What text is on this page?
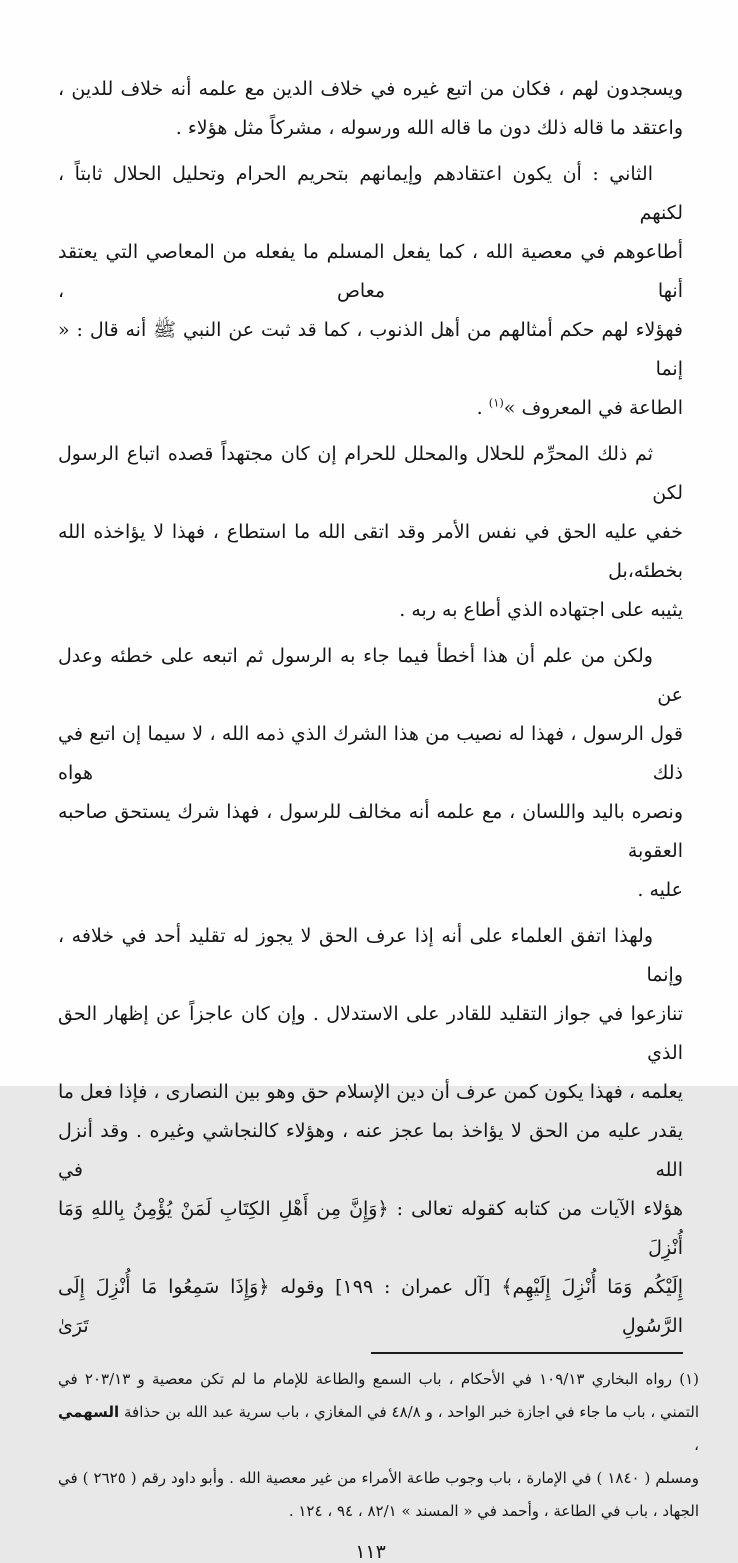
ويسجدون لهم ، فكان من اتبع غيره في خلاف الدين مع علمه أنه خلاف للدين ،
واعتقد ما قاله ذلك دون ما قاله الله ورسوله ، مشركاً مثل هؤلاء .
الثاني : أن يكون اعتقادهم وإيمانهم بتحريم الحرام وتحليل الحلال ثابتاً ، لكنهم
أطاعوهم في معصية الله ، كما يفعل المسلم ما يفعله من المعاصي التي يعتقد أنها معاص ،
فهؤلاء لهم حكم أمثالهم من أهل الذنوب ، كما قد ثبت عن النبي ﷺ أنه قال : « إنما
الطاعة في المعروف »$^{(١)}$ .
ثم ذلك المحرِّم للحلال والمحلل للحرام إن كان مجتهداً قصده اتباع الرسول لكن
خفي عليه الحق في نفس الأمر وقد اتقى الله ما استطاع ، فهذا لا يؤاخذه الله بخطئه،بل
يثيبه على اجتهاده الذي أطاع به ربه .
ولكن من علم أن هذا أخطأ فيما جاء به الرسول ثم اتبعه على خطئه وعدل عن
قول الرسول ، فهذا له نصيب من هذا الشرك الذي ذمه الله ، لا سيما إن اتبع في ذلك هواه
ونصره باليد واللسان ، مع علمه أنه مخالف للرسول ، فهذا شرك يستحق صاحبه العقوبة
عليه .
ولهذا اتفق العلماء على أنه إذا عرف الحق لا يجوز له تقليد أحد في خلافه ، وإنما
تنازعوا في جواز التقليد للقادر على الاستدلال . وإن كان عاجزاً عن إظهار الحق الذي
يعلمه ، فهذا يكون كمن عرف أن دين الإسلام حق وهو بين النصارى ، فإذا فعل ما
يقدر عليه من الحق لا يؤاخذ بما عجز عنه ، وهؤلاء كالنجاشي وغيره . وقد أنزل الله في
هؤلاء الآيات من كتابه كقوله تعالى : ﴿وَإِنَّ مِن أَهْلِ الكِتَابِ لَمَنْ يُؤْمِنُ بِاللهِ وَمَا أُنْزِلَ
إِلَيْكُم وَمَا أُنْزِلَ إِلَيْهِم﴾ [آل عمران : ١٩٩] وقوله ﴿وَإِذَا سَمِعُوا مَا أُنْزِلَ إِلَى الرَّسُولِ تَرَىٰ
(١) رواه البخاري ١٠٩/١٣ في الأحكام ، باب السمع والطاعة للإمام ما لم تكن معصية و ٢٠٣/١٣ في
التمني ، باب ما جاء في اجازة خبر الواحد ، و ٤٨/٨ في المغازي ، باب سرية عبد الله بن حذافة السهمي ،
ومسلم ( ١٨٤٠ ) في الإمارة ، باب وجوب طاعة الأمراء من غير معصية الله . وأبو داود رقم ( ٢٦٢٥ ) في
الجهاد ، باب في الطاعة ، وأحمد في « المسند » ٨٢/١ ، ٩٤ ، ١٢٤ .
١١٣
